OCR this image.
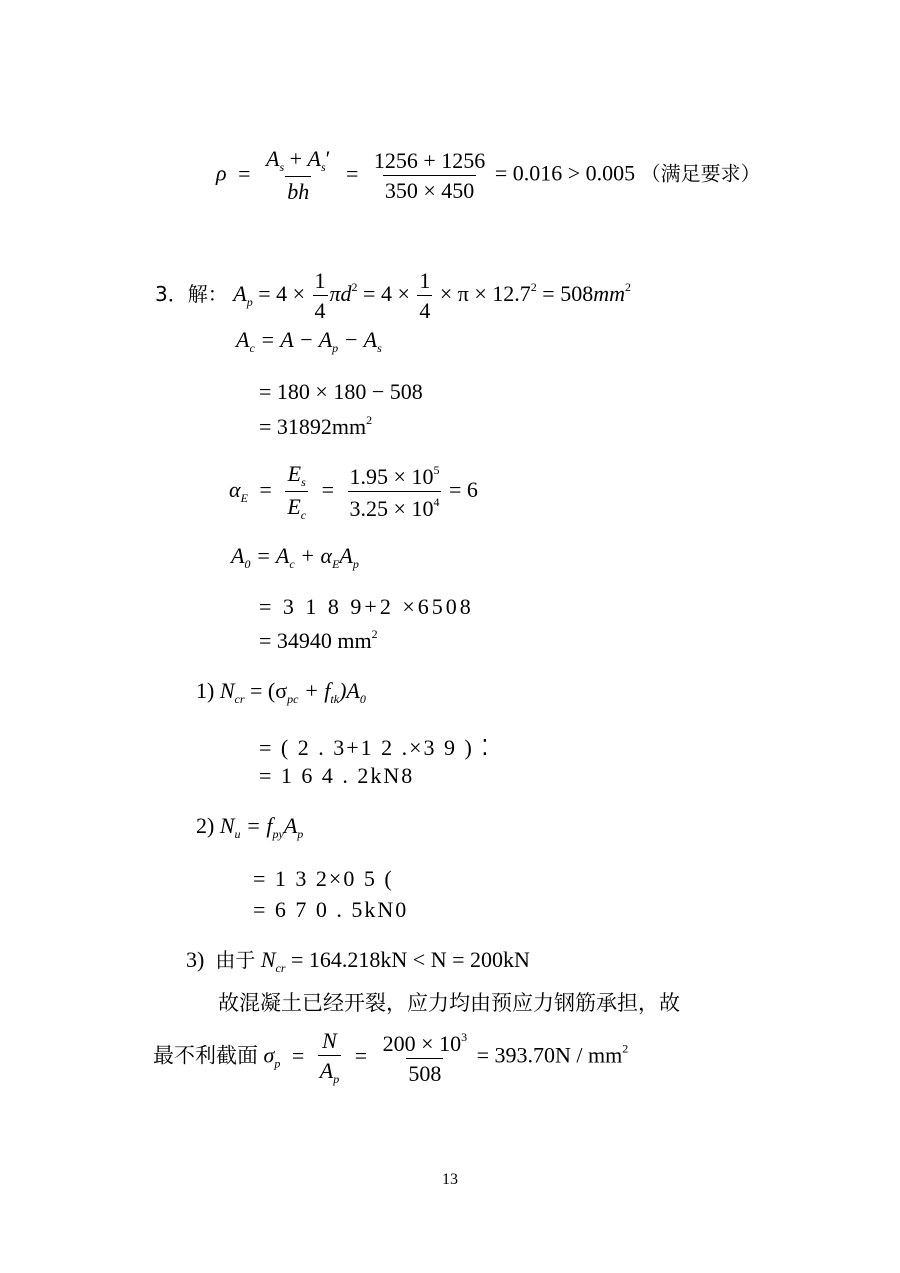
$\rho = \frac{A_s + A_s'}{bh} = \frac{1256 + 1256}{350 \times 450} = 0.016 > 0.005$ （满足要求）
3．解： $A_p = 4 \times \frac{1}{4} \pi d^2 = 4 \times \frac{1}{4} \times \pi \times 12.7^2 = 508mm^2$
$A_c = A - A_p - A_s$
= 180 × 180 − 508
= $31892mm^2$
$\alpha_E = \frac{E_s}{E_c} = \frac{1.95 \times 10^5}{3.25 \times 10^4} = 6$
$A_0 = A_c + \alpha_EA_p$
= 3 1 8 9+2 ×6508
= 34940 $mm^2$
1) $N_{cr} = (\sigma_{pc} + f_{tk})A_0$
= ( 2 . 3+1 2 .×3 9 ) ⁚
= 1 6 4 . 2kN8
2) $N_u = f_{py}A_p$
= 1 3 2×0 5 (
= 6 7 0 . 5kN0
3) 由于 $N_{cr} = 164.218kN < N = 200kN$
故混凝土已经开裂，应力均由预应力钢筋承担，故
最不利截面 $\sigma_p = \frac{N}{A_p} = \frac{200 \times 10^3}{508} = 393.70N / mm^2$
13
